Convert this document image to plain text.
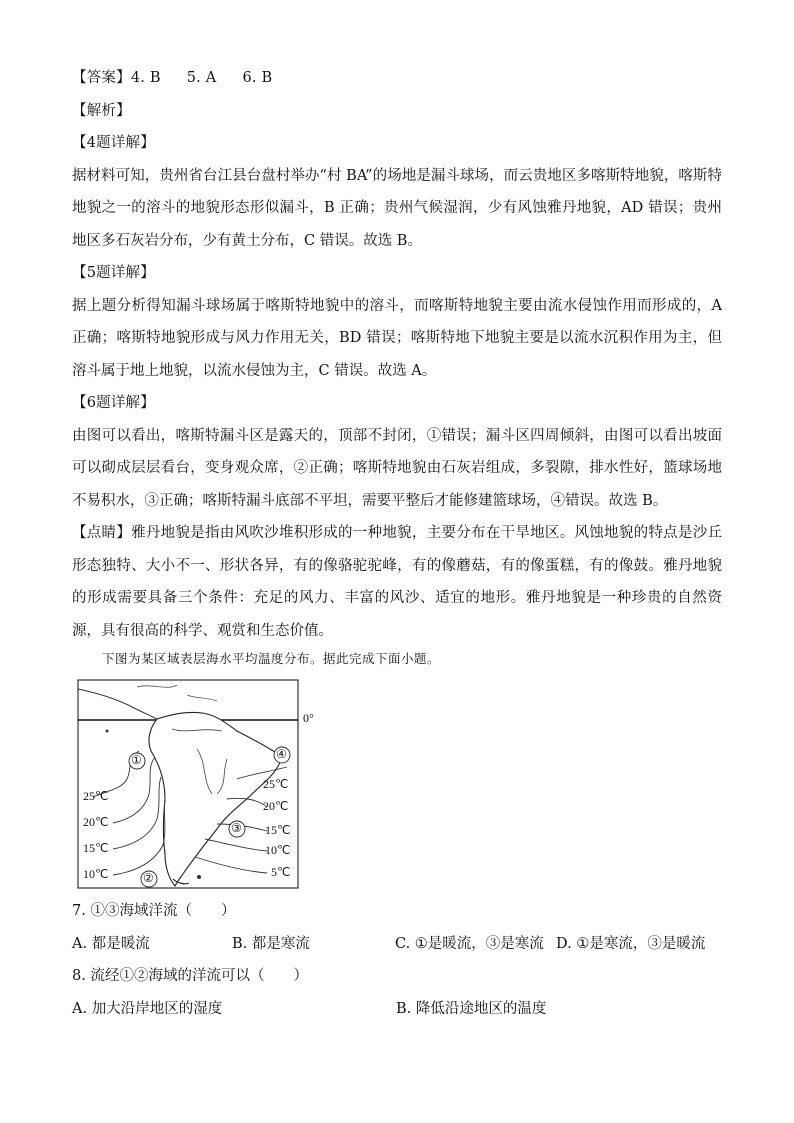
【答案】4. B 5. A 6. B
【解析】
【4题详解】
据材料可知，贵州省台江县台盘村举办“村 BA”的场地是漏斗球场，而云贵地区多喀斯特地貌，喀斯特地貌之一的溶斗的地貌形态形似漏斗，B 正确；贵州气候湿润，少有风蚀雅丹地貌，AD 错误；贵州地区多石灰岩分布，少有黄土分布，C 错误。故选 B。
【5题详解】
据上题分析得知漏斗球场属于喀斯特地貌中的溶斗，而喀斯特地貌主要由流水侵蚀作用而形成的，A 正确；喀斯特地貌形成与风力作用无关，BD 错误；喀斯特地下地貌主要是以流水沉积作用为主，但溶斗属于地上地貌，以流水侵蚀为主，C 错误。故选 A。
【6题详解】
由图可以看出，喀斯特漏斗区是露天的，顶部不封闭，①错误；漏斗区四周倾斜，由图可以看出坡面可以砌成层层看台，变身观众席，②正确；喀斯特地貌由石灰岩组成，多裂隙，排水性好，篮球场地不易积水，③正确；喀斯特漏斗底部不平坦，需要平整后才能修建篮球场，④错误。故选 B。
【点睛】雅丹地貌是指由风吹沙堆积形成的一种地貌，主要分布在干旱地区。风蚀地貌的特点是沙丘形态独特、大小不一、形状各异，有的像骆驼驼峰，有的像蘑菇，有的像蛋糕，有的像鼓。雅丹地貌的形成需要具备三个条件：充足的风力、丰富的风沙、适宜的地形。雅丹地貌是一种珍贵的自然资源，具有很高的科学、观赏和生态价值。
下图为某区域表层海水平均温度分布。据此完成下面小题。
0°
①
②
③
④
25℃
20℃
15℃
10℃
25℃
20℃
15℃
10℃
5℃
7. ①③海域洋流（　　）
A. 都是暖流	B. 都是寒流	C. ①是暖流，③是寒流 D. ①是寒流，③是暖流
8. 流经①②海域的洋流可以（　　）
A. 加大沿岸地区的湿度	B. 降低沿途地区的温度
